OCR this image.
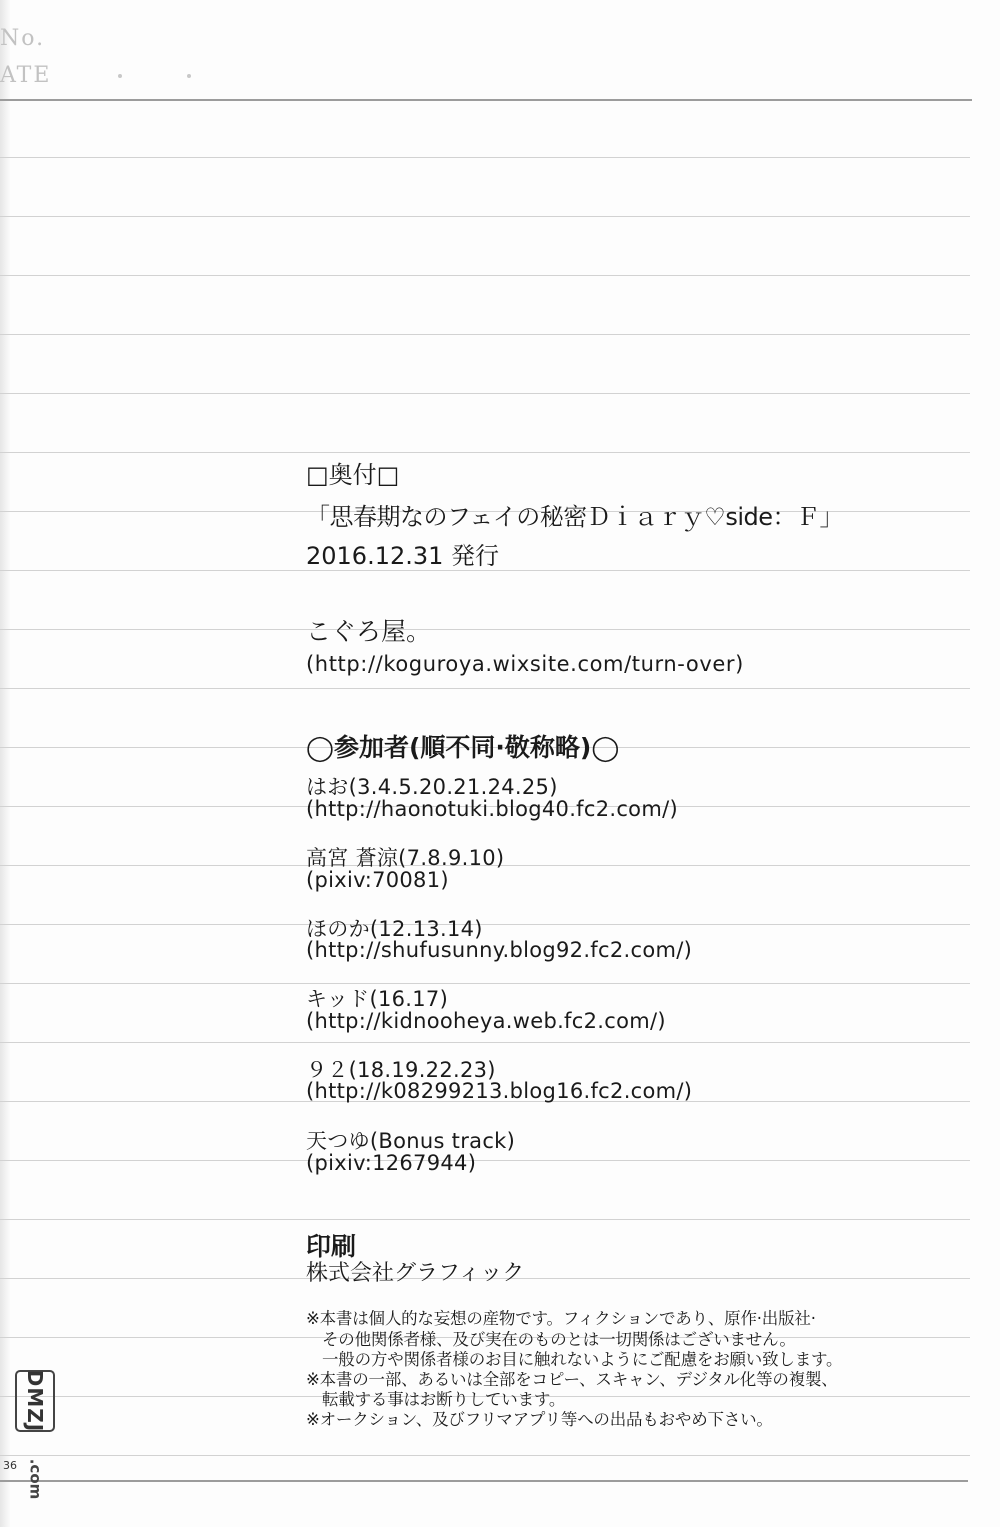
No.
ATE
□奥付□
「思春期なのフェイの秘密Ｄｉａｒｙ♡side：Ｆ」
2016.12.31 発行
こぐろ屋。
(http://koguroya.wixsite.com/turn-over)
◯参加者(順不同·敬称略)◯
はお(3.4.5.20.21.24.25)
(http://haonotuki.blog40.fc2.com/)
高宮 蒼涼(7.8.9.10)
(pixiv:70081)
ほのか(12.13.14)
(http://shufusunny.blog92.fc2.com/)
キッド(16.17)
(http://kidnooheya.web.fc2.com/)
９２(18.19.22.23)
(http://k08299213.blog16.fc2.com/)
天つゆ(Bonus track)
(pixiv:1267944)
印刷
株式会社グラフィック
※本書は個人的な妄想の産物です。フィクションであり、原作·出版社·
その他関係者様、及び実在のものとは一切関係はございません。
一般の方や関係者様のお目に触れないようにご配慮をお願い致します。
※本書の一部、あるいは全部をコピー、スキャン、デジタル化等の複製、
転載する事はお断りしています。
※オークション、及びフリマアプリ等への出品もおやめ下さい。
DMZJ
.com
36
